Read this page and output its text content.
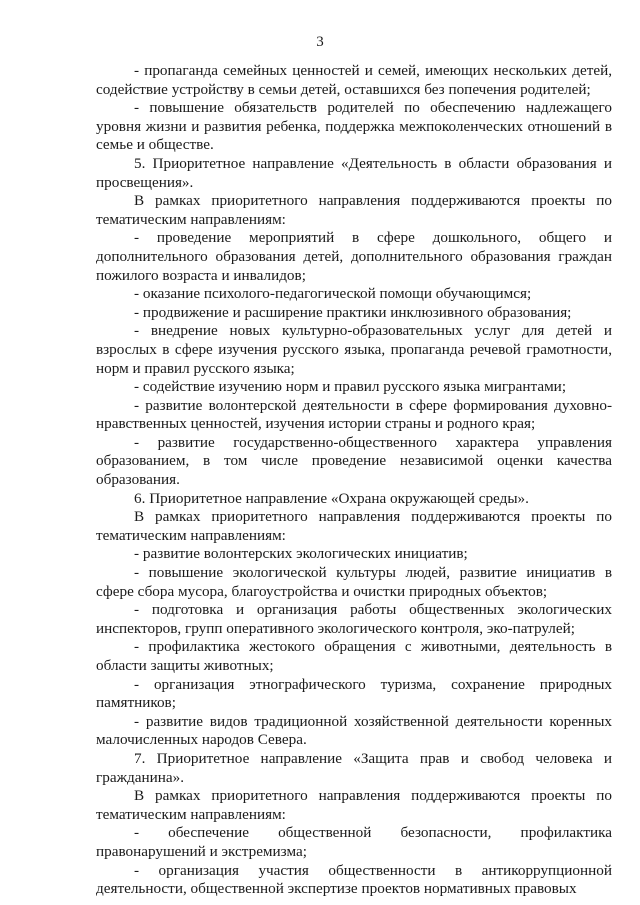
3

- пропаганда семейных ценностей и семей, имеющих нескольких детей, содействие устройству в семьи детей, оставшихся без попечения родителей;

- повышение обязательств родителей по обеспечению надлежащего уровня жизни и развития ребенка, поддержка межпоколенческих отношений в семье и обществе.

5. Приоритетное направление «Деятельность в области образования и просвещения».

В рамках приоритетного направления поддерживаются проекты по тематическим направлениям:

- проведение мероприятий в сфере дошкольного, общего и дополнительного образования детей, дополнительного образования граждан пожилого возраста и инвалидов;

- оказание психолого-педагогической помощи обучающимся;

- продвижение и расширение практики инклюзивного образования;

- внедрение новых культурно-образовательных услуг для детей и взрослых в сфере изучения русского языка, пропаганда речевой грамотности, норм и правил русского языка;

- содействие изучению норм и правил русского языка мигрантами;

- развитие волонтерской деятельности в сфере формирования духовно-нравственных ценностей, изучения истории страны и родного края;

- развитие государственно-общественного характера управления образованием, в том числе проведение независимой оценки качества образования.

6. Приоритетное направление «Охрана окружающей среды».

В рамках приоритетного направления поддерживаются проекты по тематическим направлениям:

- развитие волонтерских экологических инициатив;

- повышение экологической культуры людей, развитие инициатив в сфере сбора мусора, благоустройства и очистки природных объектов;

- подготовка и организация работы общественных экологических инспекторов, групп оперативного экологического контроля, эко-патрулей;

- профилактика жестокого обращения с животными, деятельность в области защиты животных;

- организация этнографического туризма, сохранение природных памятников;

- развитие видов традиционной хозяйственной деятельности коренных малочисленных народов Севера.

7. Приоритетное направление «Защита прав и свобод человека и гражданина».

В рамках приоритетного направления поддерживаются проекты по тематическим направлениям:

- обеспечение общественной безопасности, профилактика правонарушений и экстремизма;

- организация участия общественности в антикоррупционной деятельности, общественной экспертизе проектов нормативных правовых
